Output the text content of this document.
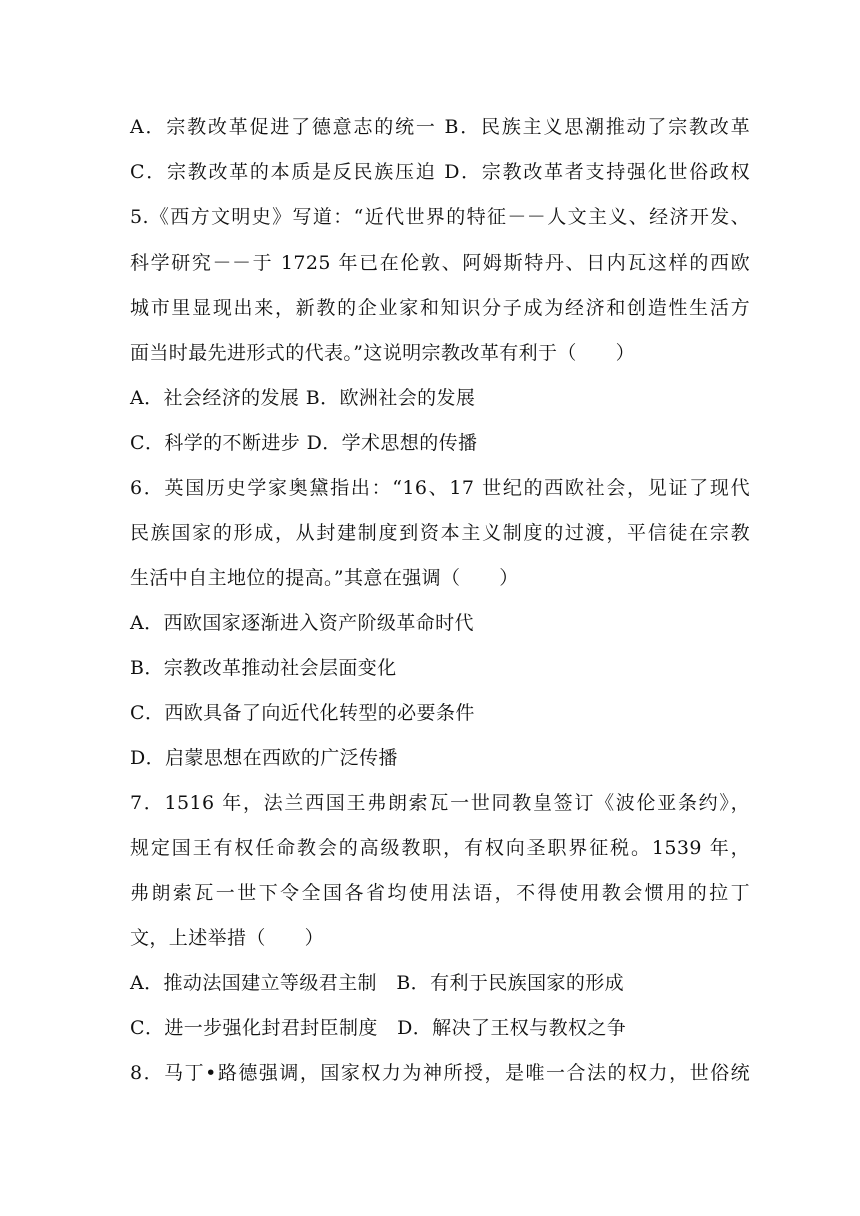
A．宗教改革促进了德意志的统一 B．民族主义思潮推动了宗教改革
C．宗教改革的本质是反民族压迫 D．宗教改革者支持强化世俗政权
5.《西方文明史》写道：“近代世界的特征－－人文主义、经济开发、
科学研究－－于 1725 年已在伦敦、阿姆斯特丹、日内瓦这样的西欧
城市里显现出来，新教的企业家和知识分子成为经济和创造性生活方
面当时最先进形式的代表。”这说明宗教改革有利于（　　）
A．社会经济的发展 B．欧洲社会的发展
C．科学的不断进步 D．学术思想的传播
6．英国历史学家奥黛指出：“16、17 世纪的西欧社会，见证了现代
民族国家的形成，从封建制度到资本主义制度的过渡，平信徒在宗教
生活中自主地位的提高。”其意在强调（　　）
A．西欧国家逐渐进入资产阶级革命时代
B．宗教改革推动社会层面变化
C．西欧具备了向近代化转型的必要条件
D．启蒙思想在西欧的广泛传播
7．1516 年，法兰西国王弗朗索瓦一世同教皇签订《波伦亚条约》，
规定国王有权任命教会的高级教职，有权向圣职界征税。1539 年，
弗朗索瓦一世下令全国各省均使用法语，不得使用教会惯用的拉丁
文，上述举措（　　）
A．推动法国建立等级君主制　B．有利于民族国家的形成
C．进一步强化封君封臣制度　D．解决了王权与教权之争
8．马丁•路德强调，国家权力为神所授，是唯一合法的权力，世俗统
